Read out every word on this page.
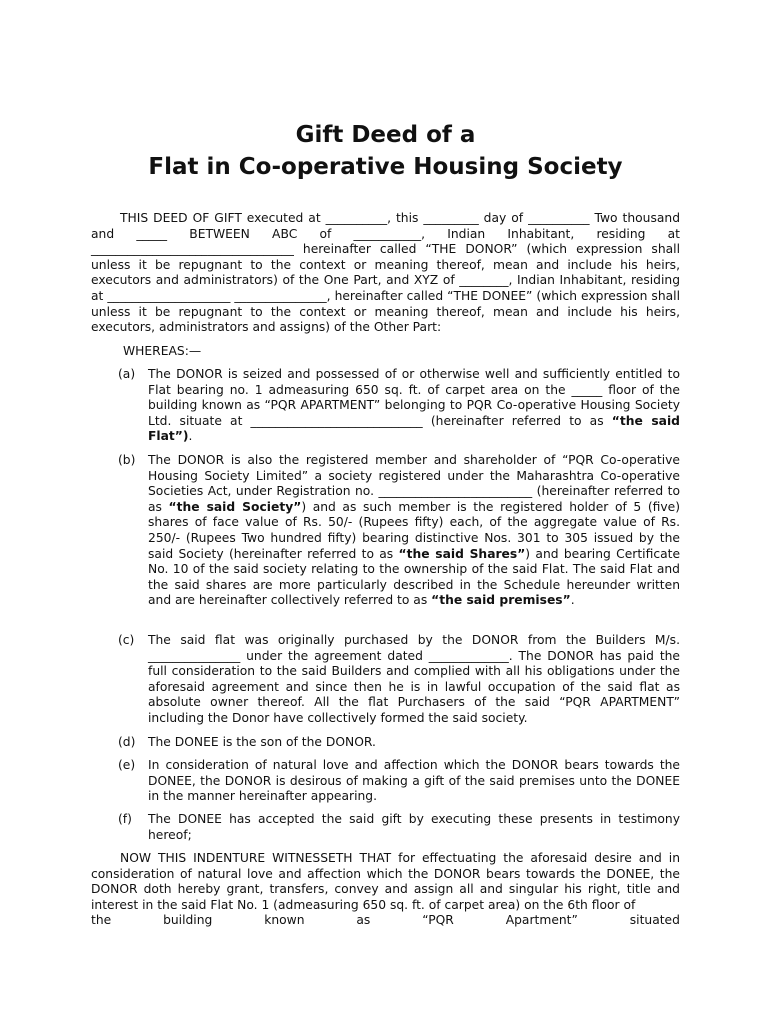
Gift Deed of a
Flat in Co-operative Housing Society
THIS DEED OF GIFT executed at __________, this _________ day of __________ Two thousand and _____ BETWEEN ABC of ___________, Indian Inhabitant, residing at _________________________________ hereinafter called “THE DONOR” (which expression shall unless it be repugnant to the context or meaning thereof, mean and include his heirs, executors and administrators) of the One Part, and XYZ of ________, Indian Inhabitant, residing at ____________________ _______________, hereinafter called “THE DONEE” (which expression shall unless it be repugnant to the context or meaning thereof, mean and include his heirs, executors, administrators and assigns) of the Other Part:
WHEREAS:—
(a) The DONOR is seized and possessed of or otherwise well and sufficiently entitled to Flat bearing no. 1 admeasuring 650 sq. ft. of carpet area on the _____ floor of the building known as “PQR APARTMENT” belonging to PQR Co-operative Housing Society Ltd. situate at ____________________________ (hereinafter referred to as “the said Flat”).
(b) The DONOR is also the registered member and shareholder of “PQR Co-operative Housing Society Limited” a society registered under the Maharashtra Co-operative Societies Act, under Registration no. _________________________ (hereinafter referred to as “the said Society”) and as such member is the registered holder of 5 (five) shares of face value of Rs. 50/- (Rupees fifty) each, of the aggregate value of Rs. 250/- (Rupees Two hundred fifty) bearing distinctive Nos. 301 to 305 issued by the said Society (hereinafter referred to as “the said Shares”) and bearing Certificate No. 10 of the said society relating to the ownership of the said Flat. The said Flat and the said shares are more particularly described in the Schedule hereunder written and are hereinafter collectively referred to as “the said premises”.
(c) The said flat was originally purchased by the DONOR from the Builders M/s. _______________ under the agreement dated _____________. The DONOR has paid the full consideration to the said Builders and complied with all his obligations under the aforesaid agreement and since then he is in lawful occupation of the said flat as absolute owner thereof. All the flat Purchasers of the said “PQR APARTMENT” including the Donor have collectively formed the said society.
(d) The DONEE is the son of the DONOR.
(e) In consideration of natural love and affection which the DONOR bears towards the DONEE, the DONOR is desirous of making a gift of the said premises unto the DONEE in the manner hereinafter appearing.
(f) The DONEE has accepted the said gift by executing these presents in testimony hereof;
NOW THIS INDENTURE WITNESSETH THAT for effectuating the aforesaid desire and in consideration of natural love and affection which the DONOR bears towards the DONEE, the DONOR doth hereby grant, transfers, convey and assign all and singular his right, title and interest in the said Flat No. 1 (admeasuring 650 sq. ft. of carpet area) on the 6th floor of
the	building	known	as	“PQR	Apartment”	situated
